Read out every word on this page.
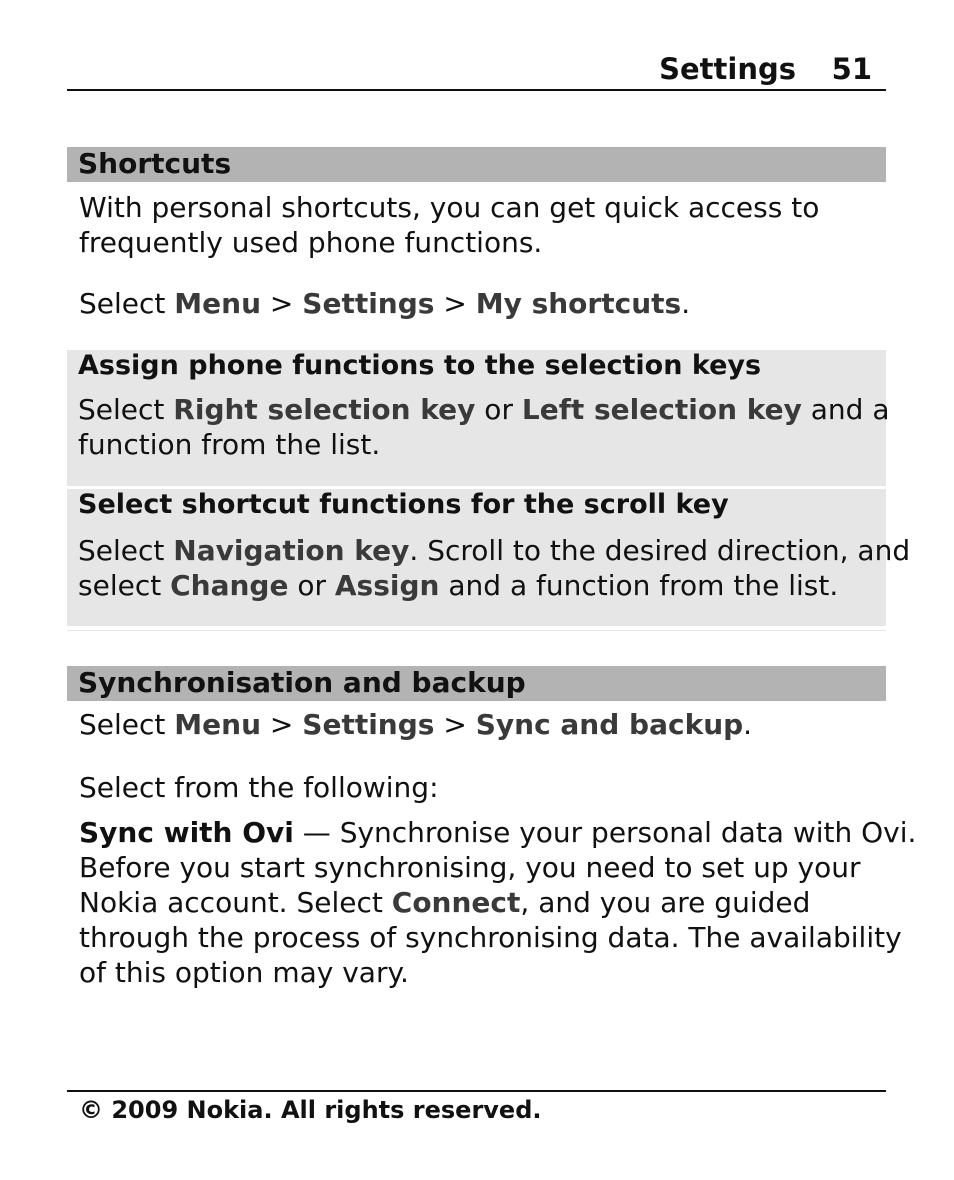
Settings 51
Shortcuts
With personal shortcuts, you can get quick access to
frequently used phone functions.
Select Menu > Settings > My shortcuts.
Assign phone functions to the selection keys
Select Right selection key or Left selection key and a
function from the list.
Select shortcut functions for the scroll key
Select Navigation key. Scroll to the desired direction, and
select Change or Assign and a function from the list.
Synchronisation and backup
Select Menu > Settings > Sync and backup.
Select from the following:
Sync with Ovi — Synchronise your personal data with Ovi.
Before you start synchronising, you need to set up your
Nokia account. Select Connect, and you are guided
through the process of synchronising data. The availability
of this option may vary.
© 2009 Nokia. All rights reserved.
